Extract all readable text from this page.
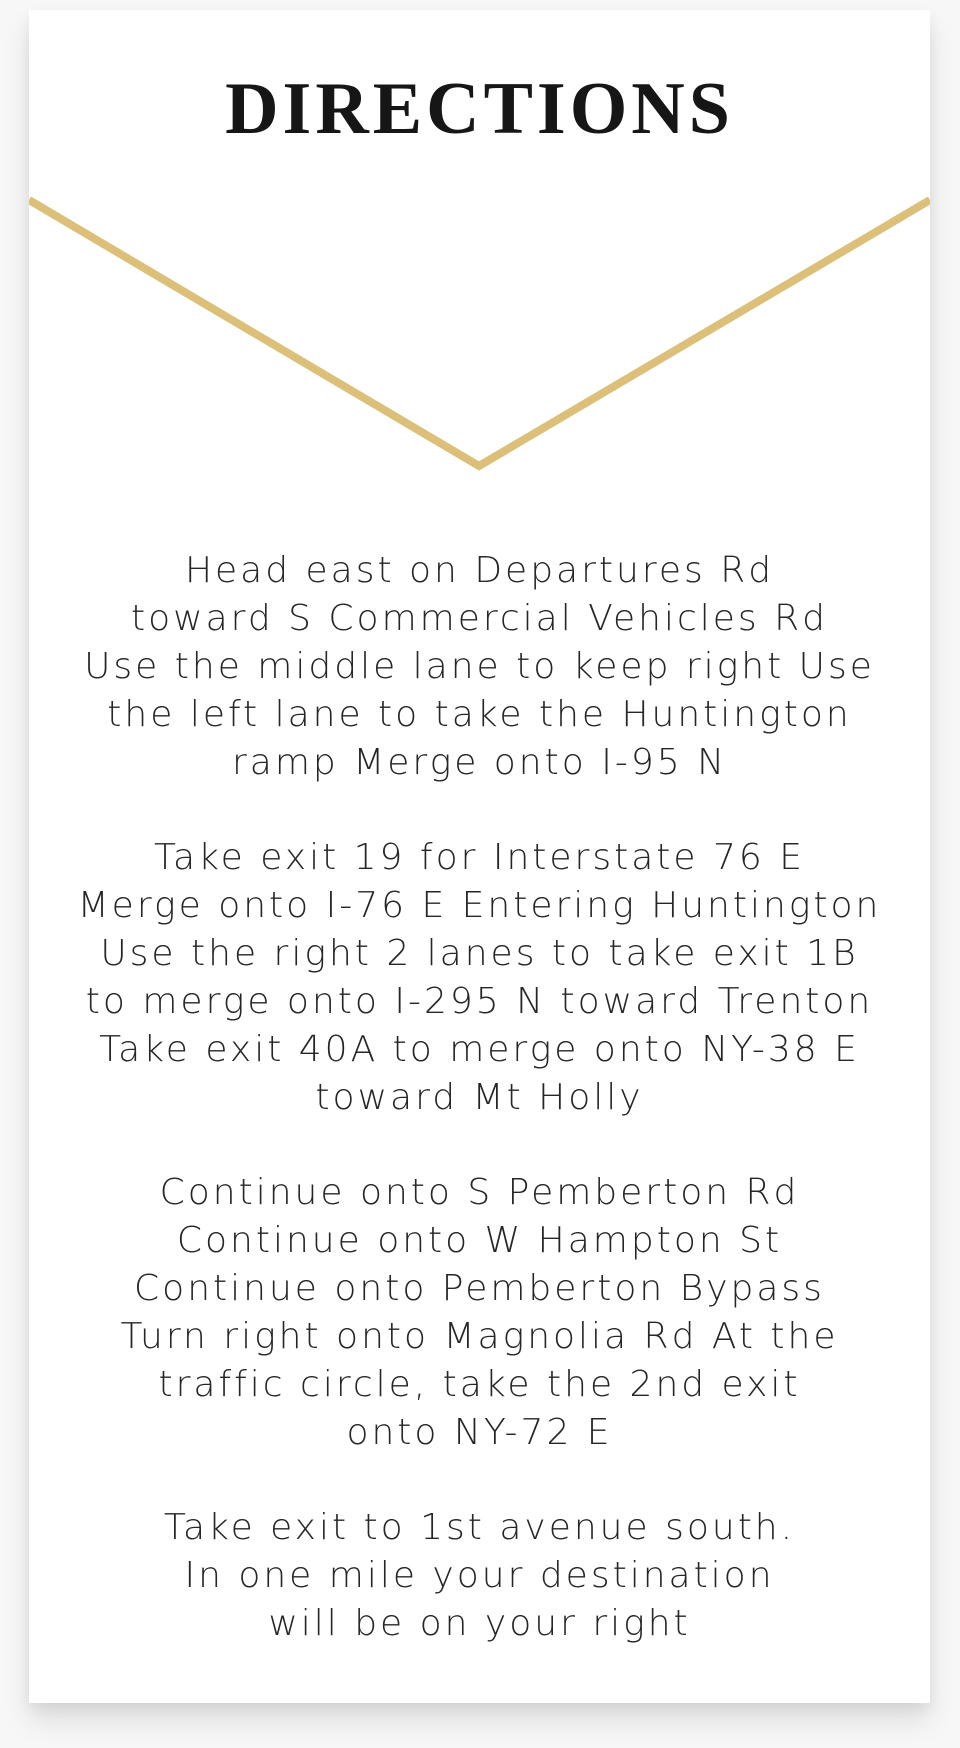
DIRECTIONS
Head east on Departures Rd
toward S Commercial Vehicles Rd
Use the middle lane to keep right Use
the left lane to take the Huntington
ramp Merge onto I-95 N
Take exit 19 for Interstate 76 E
Merge onto I-76 E Entering Huntington
Use the right 2 lanes to take exit 1B
to merge onto I-295 N toward Trenton
Take exit 40A to merge onto NY-38 E
toward Mt Holly
Continue onto S Pemberton Rd
Continue onto W Hampton St
Continue onto Pemberton Bypass
Turn right onto Magnolia Rd At the
traffic circle, take the 2nd exit
onto NY-72 E
Take exit to 1st avenue south.
In one mile your destination
will be on your right
